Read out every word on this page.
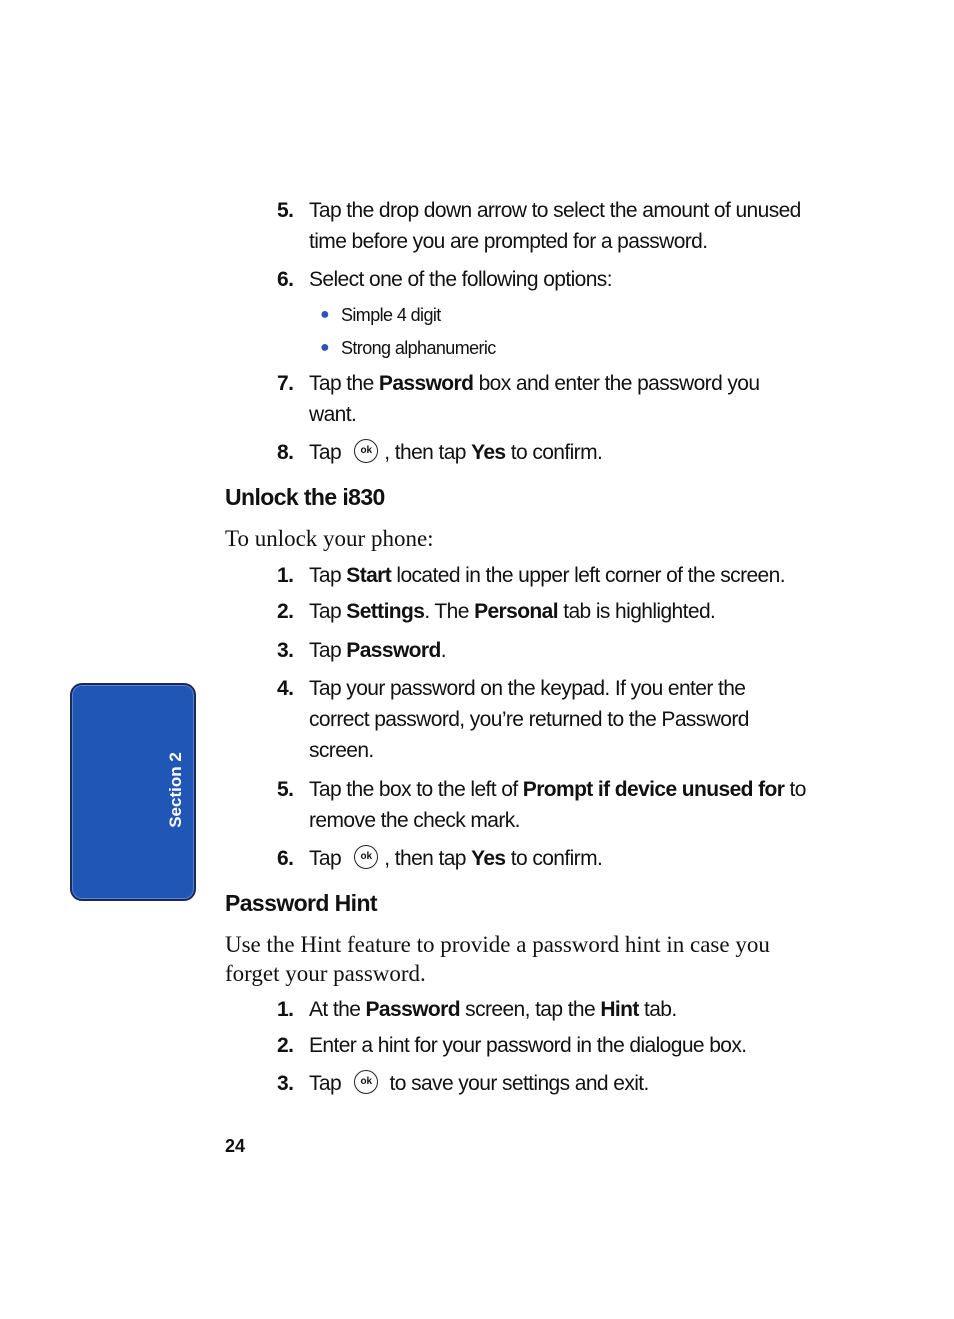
5. Tap the drop down arrow to select the amount of unused time before you are prompted for a password.
6. Select one of the following options:
● Simple 4 digit
● Strong alphanumeric
7. Tap the Password box and enter the password you want.
8. Tap ok , then tap Yes to confirm.
Unlock the i830
To unlock your phone:
1. Tap Start located in the upper left corner of the screen.
2. Tap Settings. The Personal tab is highlighted.
3. Tap Password.
4. Tap your password on the keypad. If you enter the correct password, you’re returned to the Password screen.
5. Tap the box to the left of Prompt if device unused for to remove the check mark.
6. Tap ok , then tap Yes to confirm.
Password Hint
Use the Hint feature to provide a password hint in case you forget your password.
1. At the Password screen, tap the Hint tab.
2. Enter a hint for your password in the dialogue box.
3. Tap ok to save your settings and exit.
Section 2
24
